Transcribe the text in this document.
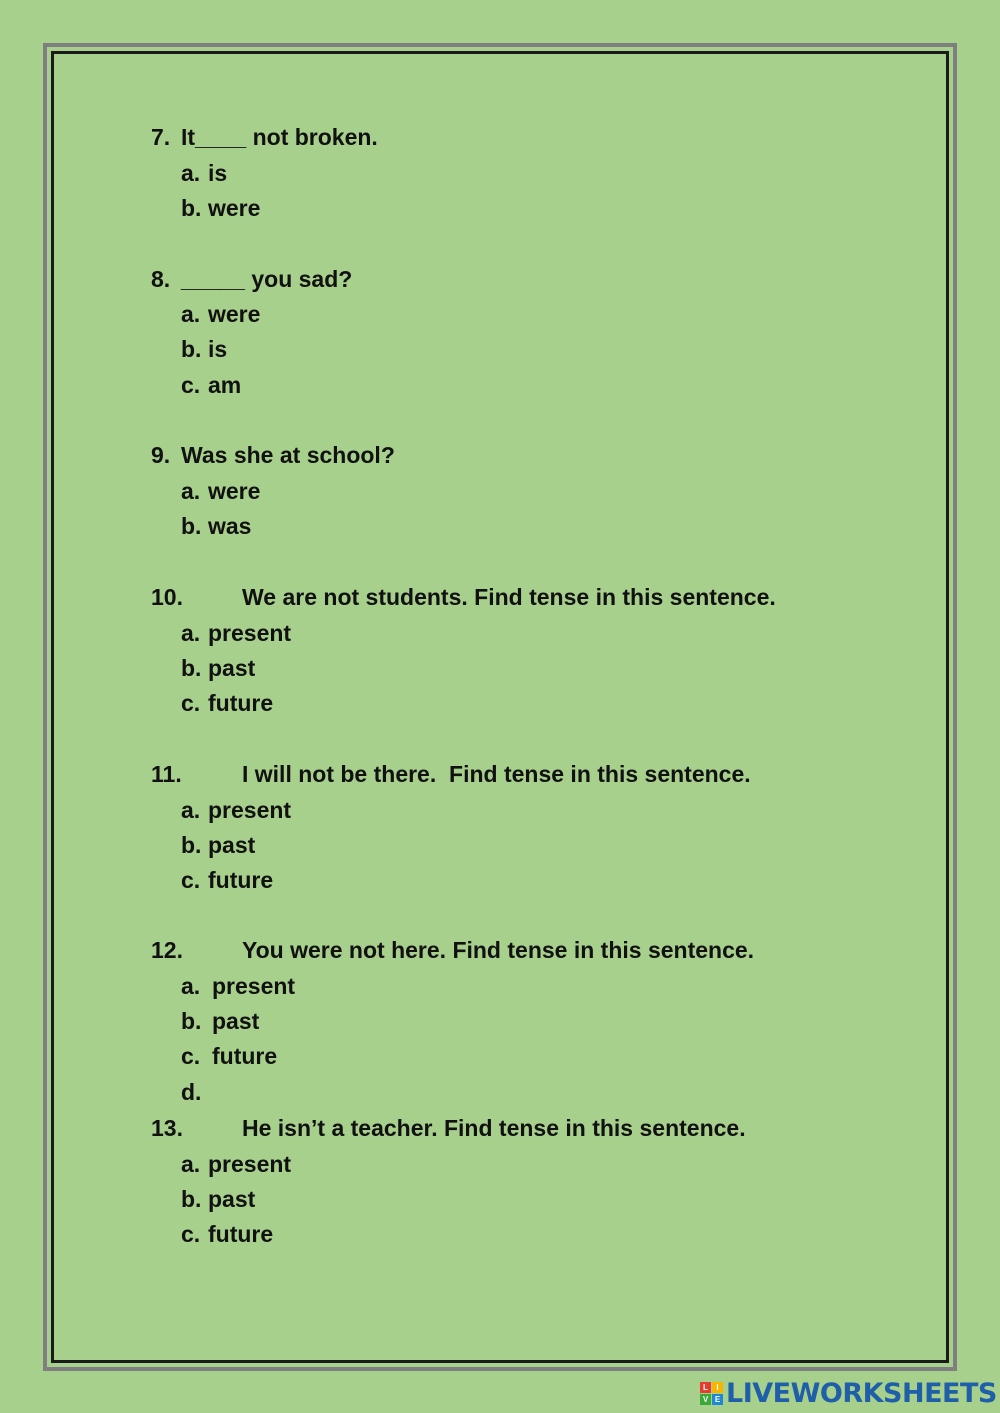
7. It____ not broken.
a. is
b. were
8. _____ you sad?
a. were
b. is
c. am
9. Was she at school?
a. were
b. was
10.	We are not students. Find tense in this sentence.
a. present
b. past
c. future
11.	I will not be there.  Find tense in this sentence.
a. present
b. past
c. future
12.	You were not here. Find tense in this sentence.
a. present
b. past
c. future
d.
13.	He isn’t a teacher. Find tense in this sentence.
a. present
b. past
c. future
L	I
V E LIVEWORKSHEETS
